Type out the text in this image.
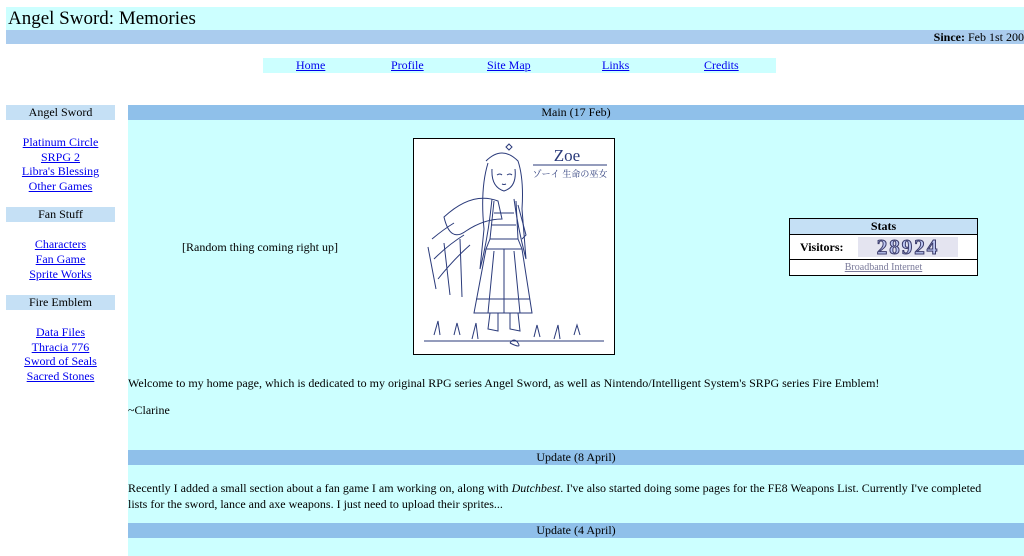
Angel Sword: Memories
Since: Feb 1st 200
Home	Profile	Site Map	Links	Credits
Angel Sword
Platinum Circle
SRPG 2
Libra's Blessing
Other Games
Fan Stuff
Characters
Fan Game
Sprite Works
Fire Emblem
Data Files
Thracia 776
Sword of Seals
Sacred Stones
Main (17 Feb)
[Random thing coming right up]
Zoe
ゾーイ 生命の巫女
Stats
Visitors: 28924
Broadband Internet
Welcome to my home page, which is dedicated to my original RPG series Angel Sword, as well as Nintendo/Intelligent System's SRPG series Fire Emblem!
~Clarine
Update (8 April)
Recently I added a small section about a fan game I am working on, along with Dutchbest. I've also started doing some pages for the FE8 Weapons List. Currently I've completed lists for the sword, lance and axe weapons. I just need to upload their sprites...
Update (4 April)
